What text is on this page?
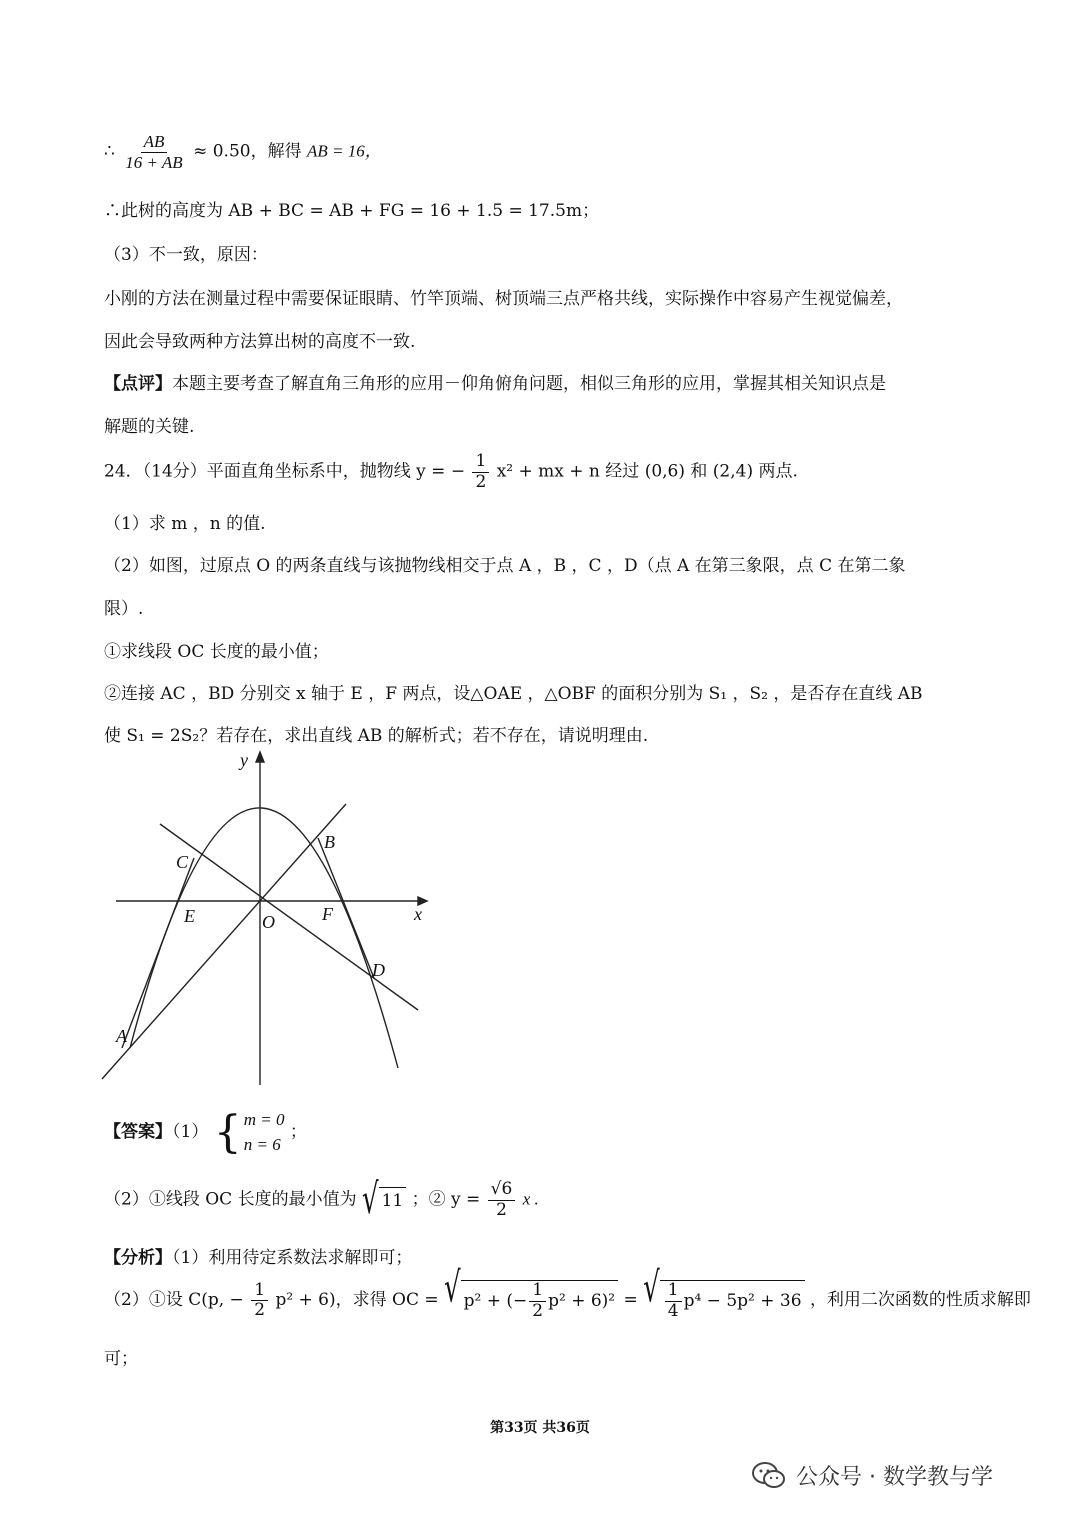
∴ $\frac{AB}{16 + AB} \approx 0.50$，解得 AB = 16，
∴此树的高度为 AB + BC = AB + FG = 16 + 1.5 = 17.5m；
（3）不一致，原因：
小刚的方法在测量过程中需要保证眼睛、竹竿顶端、树顶端三点严格共线，实际操作中容易产生视觉偏差，
因此会导致两种方法算出树的高度不一致.
【点评】本题主要考查了解直角三角形的应用－仰角俯角问题，相似三角形的应用，掌握其相关知识点是
解题的关键.
24．（14分）平面直角坐标系中，抛物线 y = − $\frac{1}{2} x^2$ + mx + n 经过 (0,6) 和 (2,4) 两点.
（1）求 m ，n 的值.
（2）如图，过原点 O 的两条直线与该抛物线相交于点 A ，B ，C ，D（点 A 在第三象限，点 C 在第二象
限）.
①求线段 OC 长度的最小值；
②连接 AC ，BD 分别交 x 轴于 E ，F 两点，设△OAE ，△OBF 的面积分别为 S₁ ，S₂ ，是否存在直线 AB
使 S₁ = 2S₂？若存在，求出直线 AB 的解析式；若不存在，请说明理由.
y
x
O
A
B
C
D
E	F
【答案】（1） { m = 0
n = 6
；
（2）①线段 OC 长度的最小值为 √ 11 ；② $y = \frac{√6}{2}$ x .
【分析】（1）利用待定系数法求解即可；
（2）①设 C(p, − $\frac{1}{2} p^2 + 6$)，求得 OC = √ p² + (− $\frac{1}{2} p^2 + 6)^2$ = √ $\frac{1}{4} p^4 - 5p^2 + 36$ ，利用二次函数的性质求解即
可；
第33页 共36页
公众号 · 数学教与学
